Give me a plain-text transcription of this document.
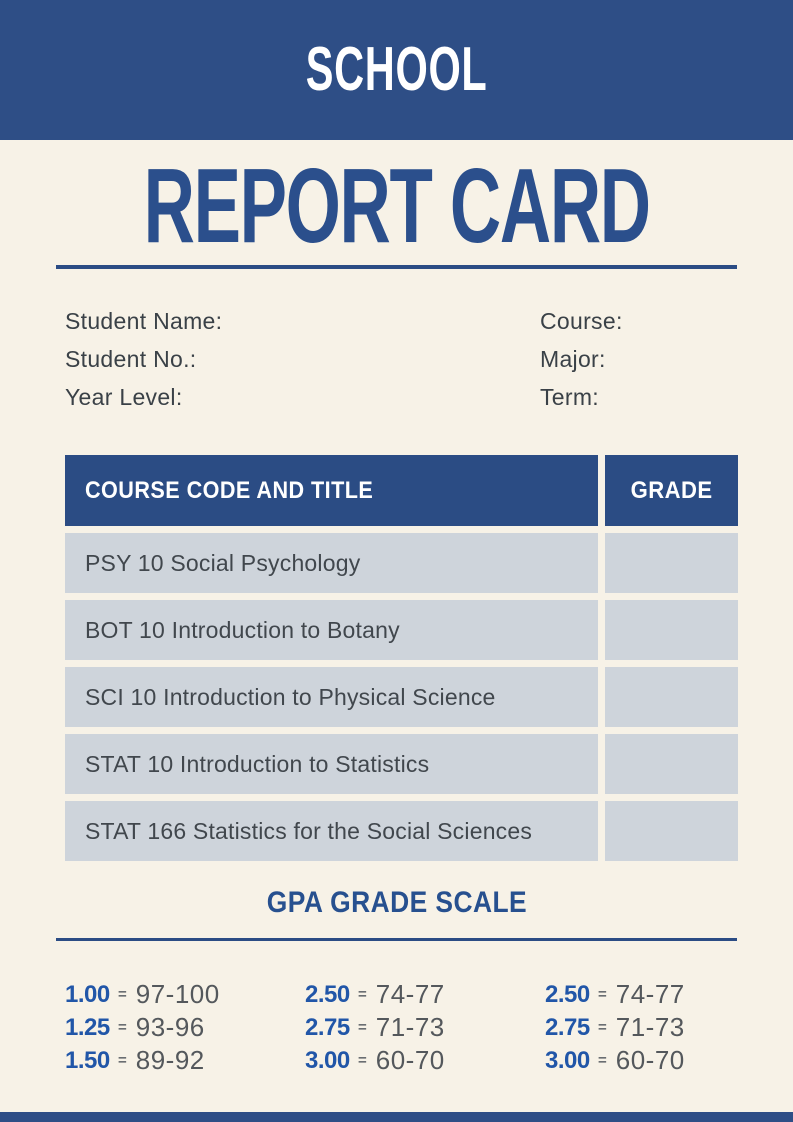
SCHOOL
REPORT CARD
Student Name:
Student No.:
Year Level:
Course:
Major:
Term:
COURSE CODE AND TITLE	GRADE
PSY 10 Social Psychology
BOT 10 Introduction to Botany
SCI 10 Introduction to Physical Science
STAT 10 Introduction to Statistics
STAT 166 Statistics for the Social Sciences
GPA GRADE SCALE
1.00 = 97-100
1.25 = 93-96
1.50 = 89-92
2.50 = 74-77
2.75 = 71-73
3.00 = 60-70
2.50 = 74-77
2.75 = 71-73
3.00 = 60-70
